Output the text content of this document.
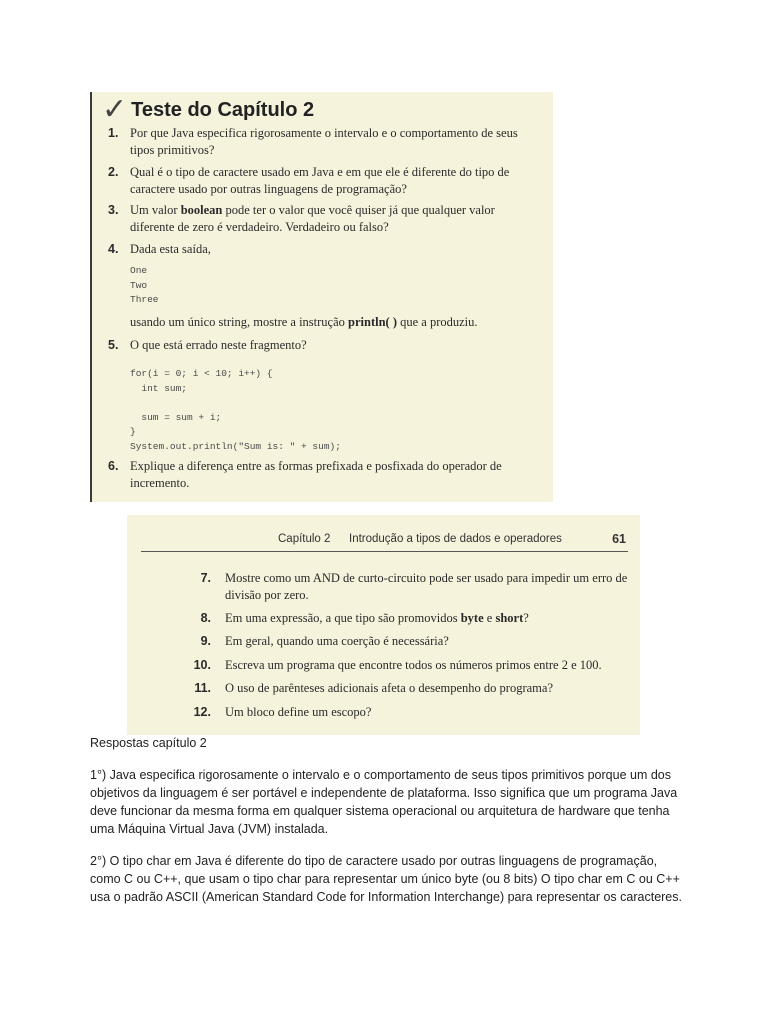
✓ Teste do Capítulo 2
1. Por que Java especifica rigorosamente o intervalo e o comportamento de seus tipos primitivos?
2. Qual é o tipo de caractere usado em Java e em que ele é diferente do tipo de caractere usado por outras linguagens de programação?
3. Um valor boolean pode ter o valor que você quiser já que qualquer valor diferente de zero é verdadeiro. Verdadeiro ou falso?
4. Dada esta saída,
One
Two
Three
usando um único string, mostre a instrução println( ) que a produziu.
5. O que está errado neste fragmento?
for(i = 0; i < 10; i++) {
int sum;

sum = sum + i;
}
System.out.println("Sum is: " + sum);
6. Explique a diferença entre as formas prefixada e posfixada do operador de incremento.
Capítulo 2 Introdução a tipos de dados e operadores	61
7. Mostre como um AND de curto-circuito pode ser usado para impedir um erro de divisão por zero.
8. Em uma expressão, a que tipo são promovidos byte e short?
9. Em geral, quando uma coerção é necessária?
10. Escreva um programa que encontre todos os números primos entre 2 e 100.
11. O uso de parênteses adicionais afeta o desempenho do programa?
12. Um bloco define um escopo?

Respostas capítulo 2

1°) Java especifica rigorosamente o intervalo e o comportamento de seus tipos primitivos porque um dos objetivos da linguagem é ser portável e independente de plataforma. Isso significa que um programa Java deve funcionar da mesma forma em qualquer sistema operacional ou arquitetura de hardware que tenha uma Máquina Virtual Java (JVM) instalada.

2°) O tipo char em Java é diferente do tipo de caractere usado por outras linguagens de programação, como C ou C++, que usam o tipo char para representar um único byte (ou 8 bits) O tipo char em C ou C++ usa o padrão ASCII (American Standard Code for Information Interchange) para representar os caracteres.
